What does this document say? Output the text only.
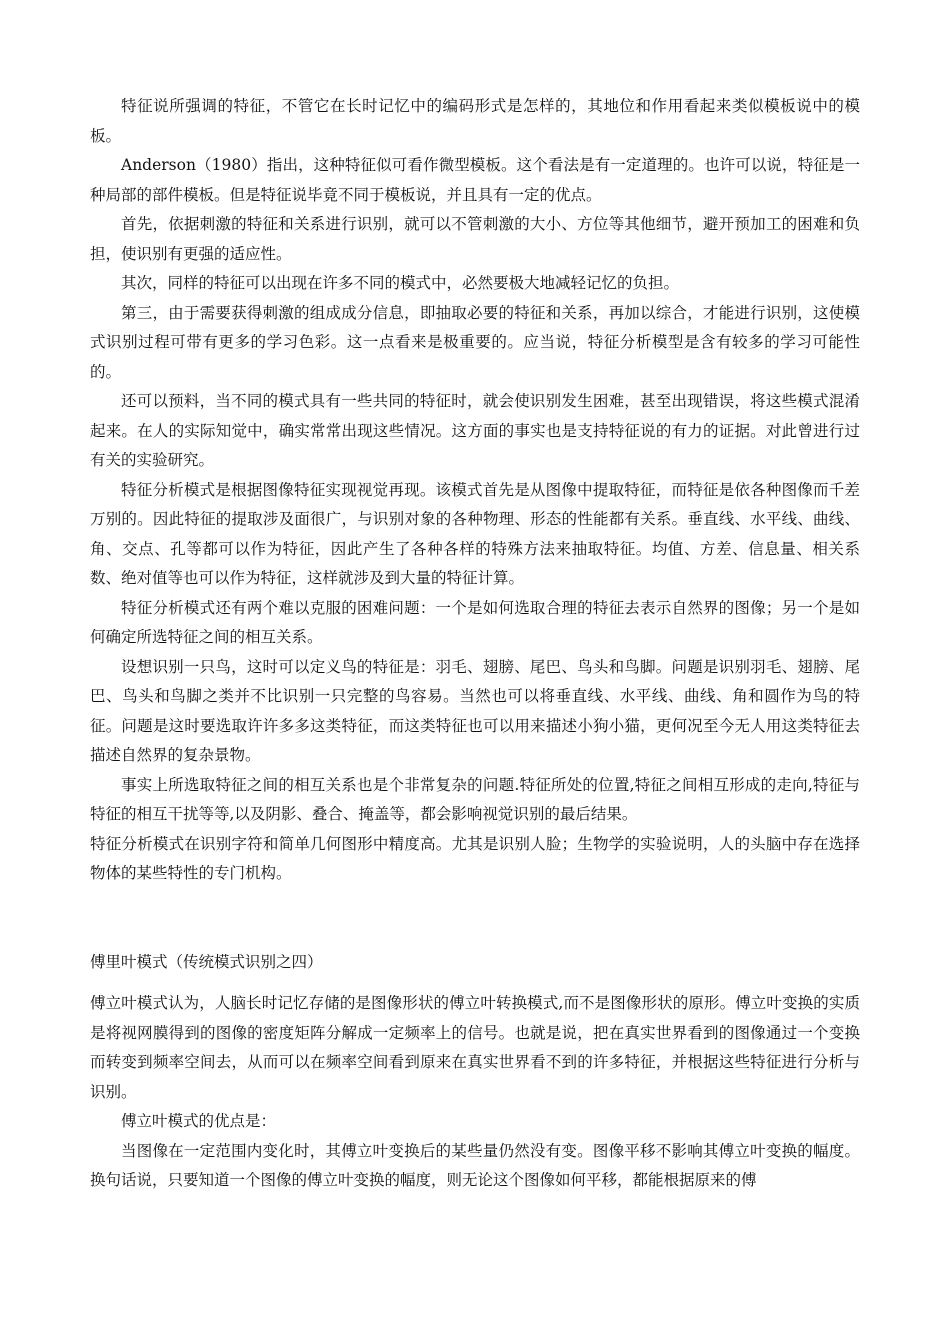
特征说所强调的特征，不管它在长时记忆中的编码形式是怎样的，其地位和作用看起来类似模板说中的模板。

Anderson（1980）指出，这种特征似可看作微型模板。这个看法是有一定道理的。也许可以说，特征是一种局部的部件模板。但是特征说毕竟不同于模板说，并且具有一定的优点。

首先，依据刺激的特征和关系进行识别，就可以不管刺激的大小、方位等其他细节，避开预加工的困难和负担，使识别有更强的适应性。

其次，同样的特征可以出现在许多不同的模式中，必然要极大地减轻记忆的负担。

第三，由于需要获得刺激的组成成分信息，即抽取必要的特征和关系，再加以综合，才能进行识别，这使模式识别过程可带有更多的学习色彩。这一点看来是极重要的。应当说，特征分析模型是含有较多的学习可能性的。

还可以预料，当不同的模式具有一些共同的特征时，就会使识别发生困难，甚至出现错误，将这些模式混淆起来。在人的实际知觉中，确实常常出现这些情况。这方面的事实也是支持特征说的有力的证据。对此曾进行过有关的实验研究。

特征分析模式是根据图像特征实现视觉再现。该模式首先是从图像中提取特征，而特征是依各种图像而千差万别的。因此特征的提取涉及面很广，与识别对象的各种物理、形态的性能都有关系。垂直线、水平线、曲线、角、交点、孔等都可以作为特征，因此产生了各种各样的特殊方法来抽取特征。均值、方差、信息量、相关系数、绝对值等也可以作为特征，这样就涉及到大量的特征计算。

特征分析模式还有两个难以克服的困难问题：一个是如何选取合理的特征去表示自然界的图像；另一个是如何确定所选特征之间的相互关系。

设想识别一只鸟，这时可以定义鸟的特征是：羽毛、翅膀、尾巴、鸟头和鸟脚。问题是识别羽毛、翅膀、尾巴、鸟头和鸟脚之类并不比识别一只完整的鸟容易。当然也可以将垂直线、水平线、曲线、角和圆作为鸟的特征。问题是这时要选取许许多多这类特征，而这类特征也可以用来描述小狗小猫，更何况至今无人用这类特征去描述自然界的复杂景物。

事实上所选取特征之间的相互关系也是个非常复杂的问题.特征所处的位置,特征之间相互形成的走向,特征与特征的相互干扰等等,以及阴影、叠合、掩盖等，都会影响视觉识别的最后结果。

特征分析模式在识别字符和简单几何图形中精度高。尤其是识别人脸；生物学的实验说明，人的头脑中存在选择物体的某些特性的专门机构。

傅里叶模式（传统模式识别之四）

傅立叶模式认为，人脑长时记忆存储的是图像形状的傅立叶转换模式,而不是图像形状的原形。傅立叶变换的实质是将视网膜得到的图像的密度矩阵分解成一定频率上的信号。也就是说，把在真实世界看到的图像通过一个变换而转变到频率空间去，从而可以在频率空间看到原来在真实世界看不到的许多特征，并根据这些特征进行分析与识别。

傅立叶模式的优点是：

当图像在一定范围内变化时，其傅立叶变换后的某些量仍然没有变。图像平移不影响其傅立叶变换的幅度。换句话说，只要知道一个图像的傅立叶变换的幅度，则无论这个图像如何平移，都能根据原来的傅
